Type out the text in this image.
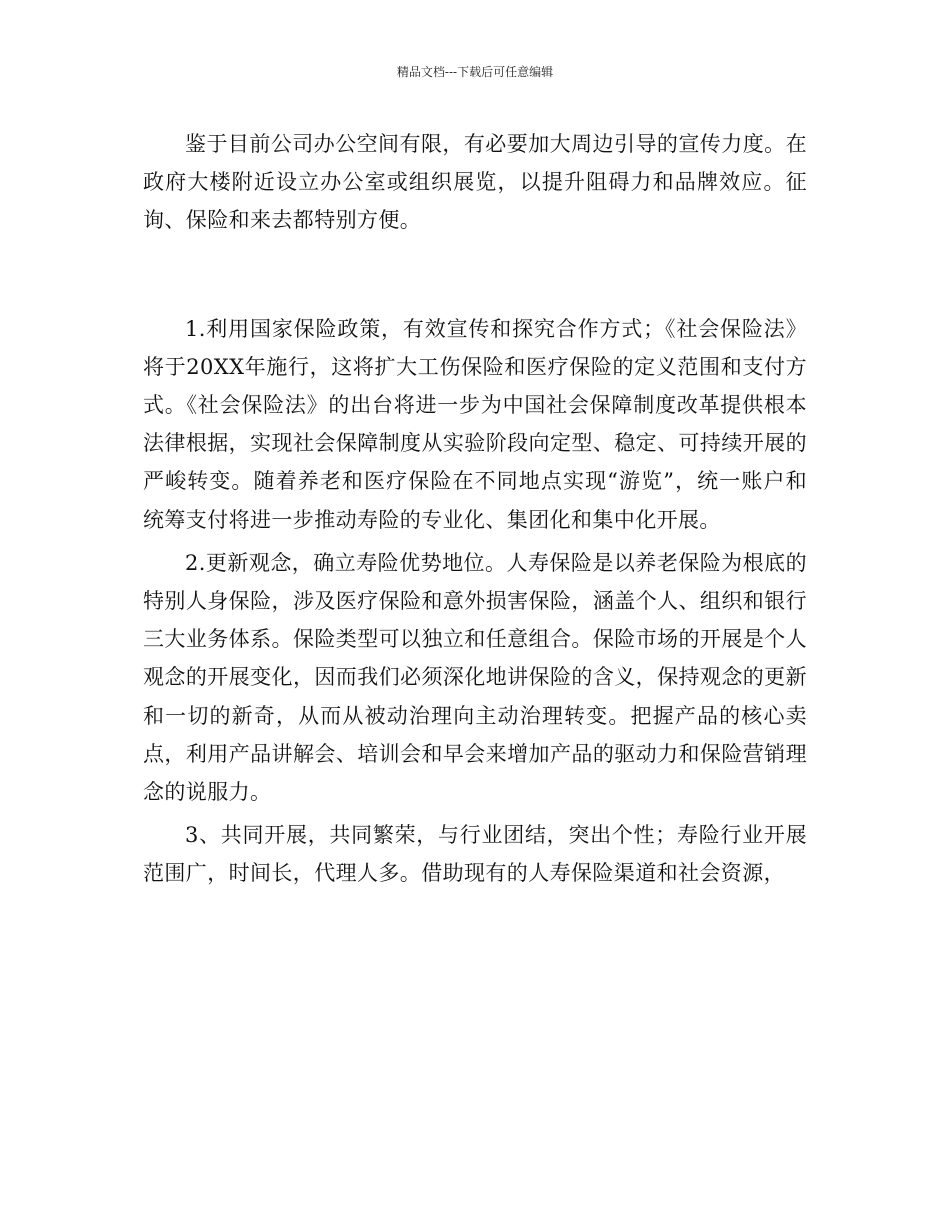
精品文档---下载后可任意编辑

鉴于目前公司办公空间有限，有必要加大周边引导的宣传力度。在政府大楼附近设立办公室或组织展览，以提升阻碍力和品牌效应。征询、保险和来去都特别方便。

1.利用国家保险政策，有效宣传和探究合作方式；《社会保险法》将于20XX年施行，这将扩大工伤保险和医疗保险的定义范围和支付方式。《社会保险法》的出台将进一步为中国社会保障制度改革提供根本法律根据，实现社会保障制度从实验阶段向定型、稳定、可持续开展的严峻转变。随着养老和医疗保险在不同地点实现“游览”，统一账户和统筹支付将进一步推动寿险的专业化、集团化和集中化开展。

2.更新观念，确立寿险优势地位。人寿保险是以养老保险为根底的特别人身保险，涉及医疗保险和意外损害保险，涵盖个人、组织和银行三大业务体系。保险类型可以独立和任意组合。保险市场的开展是个人观念的开展变化，因而我们必须深化地讲保险的含义，保持观念的更新和一切的新奇，从而从被动治理向主动治理转变。把握产品的核心卖点，利用产品讲解会、培训会和早会来增加产品的驱动力和保险营销理念的说服力。

3、共同开展，共同繁荣，与行业团结，突出个性；寿险行业开展范围广，时间长，代理人多。借助现有的人寿保险渠道和社会资源，
